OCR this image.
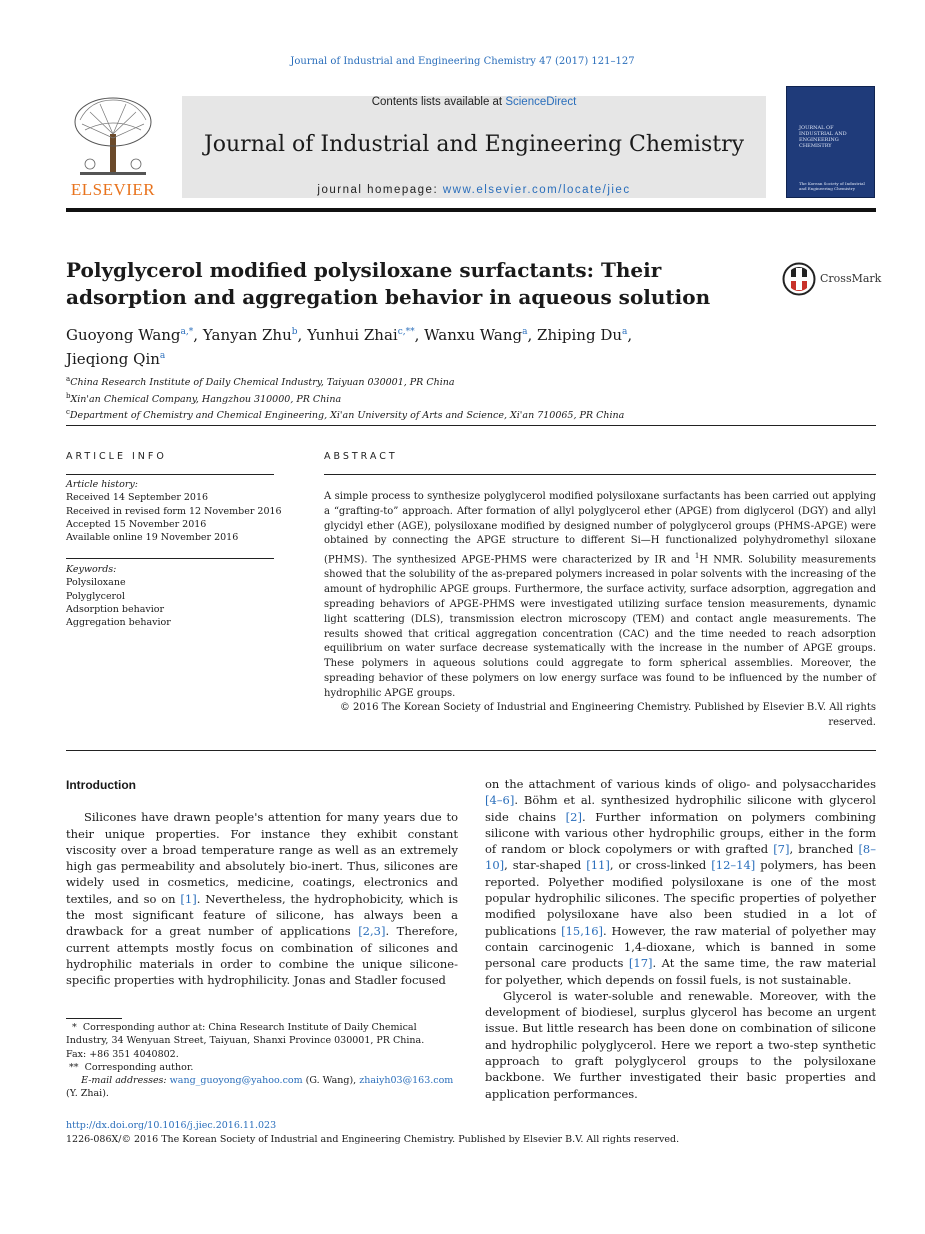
Journal of Industrial and Engineering Chemistry 47 (2017) 121–127
ELSEVIER
Contents lists available at ScienceDirect
Journal of Industrial and Engineering Chemistry
journal homepage: www.elsevier.com/locate/jiec
JOURNAL OF INDUSTRIAL AND ENGINEERING CHEMISTRY
The Korean Society of Industrial and Engineering Chemistry
Polyglycerol modified polysiloxane surfactants: Their adsorption and aggregation behavior in aqueous solution
CrossMark
Guoyong Wang$^{a,*}$, Yanyan Zhu$^b$, Yunhui Zhai$^{c,**}$, Wanxu Wang$^a$, Zhiping Du$^a$,
Jieqiong Qin$^a$
$^a$China Research Institute of Daily Chemical Industry, Taiyuan 030001, PR China
$^b$Xin'an Chemical Company, Hangzhou 310000, PR China
$^c$Department of Chemistry and Chemical Engineering, Xi'an University of Arts and Science, Xi'an 710065, PR China
ARTICLE INFO
Article history:
Received 14 September 2016
Received in revised form 12 November 2016
Accepted 15 November 2016
Available online 19 November 2016
Keywords:
Polysiloxane
Polyglycerol
Adsorption behavior
Aggregation behavior
ABSTRACT
A simple process to synthesize polyglycerol modified polysiloxane surfactants has been carried out applying a “grafting-to” approach. After formation of allyl polyglycerol ether (APGE) from diglycerol (DGY) and allyl glycidyl ether (AGE), polysiloxane modified by designed number of polyglycerol groups (PHMS-APGE) were obtained by connecting the APGE structure to different Si—H functionalized polyhydromethyl siloxane (PHMS). The synthesized APGE-PHMS were characterized by IR and $^1$H NMR. Solubility measurements showed that the solubility of the as-prepared polymers increased in polar solvents with the increasing of the amount of hydrophilic APGE groups. Furthermore, the surface activity, surface adsorption, aggregation and spreading behaviors of APGE-PHMS were investigated utilizing surface tension measurements, dynamic light scattering (DLS), transmission electron microscopy (TEM) and contact angle measurements. The results showed that critical aggregation concentration (CAC) and the time needed to reach adsorption equilibrium on water surface decrease systematically with the increase in the number of APGE groups. These polymers in aqueous solutions could aggregate to form spherical assemblies. Moreover, the spreading behavior of these polymers on low energy surface was found to be influenced by the number of hydrophilic APGE groups.
© 2016 The Korean Society of Industrial and Engineering Chemistry. Published by Elsevier B.V. All rights reserved.
Introduction

Silicones have drawn people's attention for many years due to their unique properties. For instance they exhibit constant viscosity over a broad temperature range as well as an extremely high gas permeability and absolutely bio-inert. Thus, silicones are widely used in cosmetics, medicine, coatings, electronics and textiles, and so on [1]. Nevertheless, the hydrophobicity, which is the most significant feature of silicone, has always been a drawback for a great number of applications [2,3]. Therefore, current attempts mostly focus on combination of silicones and hydrophilic materials in order to combine the unique silicone-specific properties with hydrophilicity. Jonas and Stadler focused

on the attachment of various kinds of oligo- and polysaccharides [4–6]. Böhm et al. synthesized hydrophilic silicone with glycerol side chains [2]. Further information on polymers combining silicone with various other hydrophilic groups, either in the form of random or block copolymers or with grafted [7], branched [8–10], star-shaped [11], or cross-linked [12–14] polymers, has been reported. Polyether modified polysiloxane is one of the most popular hydrophilic silicones. The specific properties of polyether modified polysiloxane have also been studied in a lot of publications [15,16]. However, the raw material of polyether may contain carcinogenic 1,4-dioxane, which is banned in some personal care products [17]. At the same time, the raw material for polyether, which depends on fossil fuels, is not sustainable.

Glycerol is water-soluble and renewable. Moreover, with the development of biodiesel, surplus glycerol has become an urgent issue. But little research has been done on combination of silicone and hydrophilic polyglycerol. Here we report a two-step synthetic approach to graft polyglycerol groups to the polysiloxane backbone. We further investigated their basic properties and application performances.

* Corresponding author at: China Research Institute of Daily Chemical Industry, 34 Wenyuan Street, Taiyuan, Shanxi Province 030001, PR China.
Fax: +86 351 4040802.
** Corresponding author.
E-mail addresses: wang_guoyong@yahoo.com (G. Wang), zhaiyh03@163.com
(Y. Zhai).
http://dx.doi.org/10.1016/j.jiec.2016.11.023
1226-086X/© 2016 The Korean Society of Industrial and Engineering Chemistry. Published by Elsevier B.V. All rights reserved.
